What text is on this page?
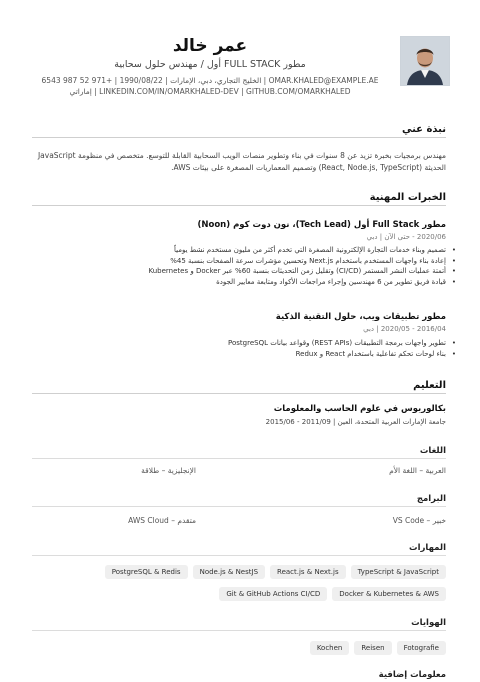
عمر خالد
مطور FULL STACK أول / مهندس حلول سحابية
OMAR.KHALED@EXAMPLE.AE | الخليج التجاري، دبي، الإمارات | 1990/08/22 | +971 52 987 6543
LINKEDIN.COM/IN/OMARKHALED-DEV | GITHUB.COM/OMARKHALED | إماراتي
نبذة عني
مهندس برمجيات بخبرة تزيد عن 8 سنوات في بناء وتطوير منصات الويب السحابية القابلة للتوسع. متخصص في منظومة JavaScript الحديثة (React, Node.js, TypeScript) وتصميم المعماريات المصغرة على بيئات AWS.
الخبرات المهنية
مطور Full Stack أول (Tech Lead)، نون دوت كوم (Noon)
2020/06 - حتى الآن | دبي
• تصميم وبناء خدمات التجارة الإلكترونية المصغرة التي تخدم أكثر من مليون مستخدم نشط يومياً
• إعادة بناء واجهات المستخدم باستخدام Next.js وتحسين مؤشرات سرعة الصفحات بنسبة 45%
• أتمتة عمليات النشر المستمر (CI/CD) وتقليل زمن التحديثات بنسبة 60% عبر Docker و Kubernetes
• قيادة فريق تطوير من 6 مهندسين وإجراء مراجعات الأكواد ومتابعة معايير الجودة
مطور تطبيقات ويب، حلول التقنية الذكية
2016/04 - 2020/05 | دبي
• تطوير واجهات برمجة التطبيقات (REST APIs) وقواعد بيانات PostgreSQL
• بناء لوحات تحكم تفاعلية باستخدام React و Redux
التعليم
بكالوريوس في علوم الحاسب والمعلومات
جامعة الإمارات العربية المتحدة، العين | 2011/09 - 2015/06
اللغات
العربية – اللغة الأم
الإنجليزية – طلاقة
البرامج
VS Code – خبير
AWS Cloud – متقدم
المهارات
PostgreSQL & Redis	Node.js & NestJS	React.js & Next.js	TypeScript & JavaScript
Git & GitHub Actions CI/CD	Docker & Kubernetes & AWS
الهوايات
Kochen	Reisen	Fotografie
معلومات إضافية
